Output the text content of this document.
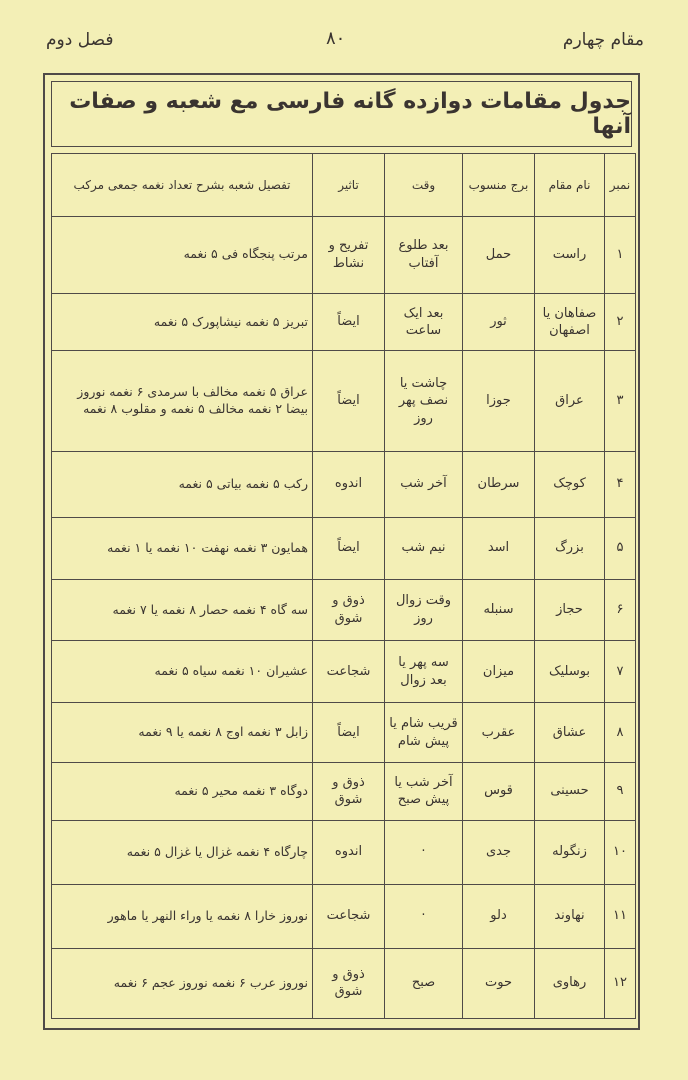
فصل دوم	۸۰	مقام چهارم
جدول مقامات دوازده گانه فارسی مع شعبه و صفات آنها
نمبر	نام مقام	برج منسوب	وقت	تاثیر	تفصیل شعبه بشرح تعداد نغمه جمعی مرکب
۱	راست	حمل	بعد طلوع آفتاب	تفریح و نشاط	مرتب پنجگاه فی ۵ نغمه
۲	صفاهان یا اصفهان	ثور	بعد ایک ساعت	ایضاً	تبریز ۵ نغمه نیشاپورک ۵ نغمه
۳	عراق	جوزا	چاشت یا نصف پهر روز	ایضاً	عراق ۵ نغمه مخالف با سرمدی ۶ نغمه نوروز بیضا ۲ نغمه مخالف ۵ نغمه و مقلوب ۸ نغمه
۴	کوچک	سرطان	آخر شب	اندوه	رکب ۵ نغمه بیاتی ۵ نغمه
۵	بزرگ	اسد	نیم شب	ایضاً	همایون ۳ نغمه نهفت ۱۰ نغمه یا ۱ نغمه
۶	حجاز	سنبله	وقت زوال روز	ذوق و شوق	سه گاه ۴ نغمه حصار ۸ نغمه یا ۷ نغمه
۷	بوسلیک	میزان	سه پهر یا بعد زوال	شجاعت	عشیران ۱۰ نغمه سیاه ۵ نغمه
۸	عشاق	عقرب	قریب شام یا پیش شام	ایضاً	زابل ۳ نغمه اوج ۸ نغمه یا ۹ نغمه
۹	حسینی	قوس	آخر شب یا پیش صبح	ذوق و شوق	دوگاه ۳ نغمه محیر ۵ نغمه
۱۰	زنگوله	جدی	·	اندوه	چارگاه ۴ نغمه غزال یا غزال ۵ نغمه
۱۱	نهاوند	دلو	·	شجاعت	نوروز خارا ۸ نغمه یا وراء النهر یا ماهور
۱۲	رهاوی	حوت	صبح	ذوق و شوق	نوروز عرب ۶ نغمه نوروز عجم ۶ نغمه
